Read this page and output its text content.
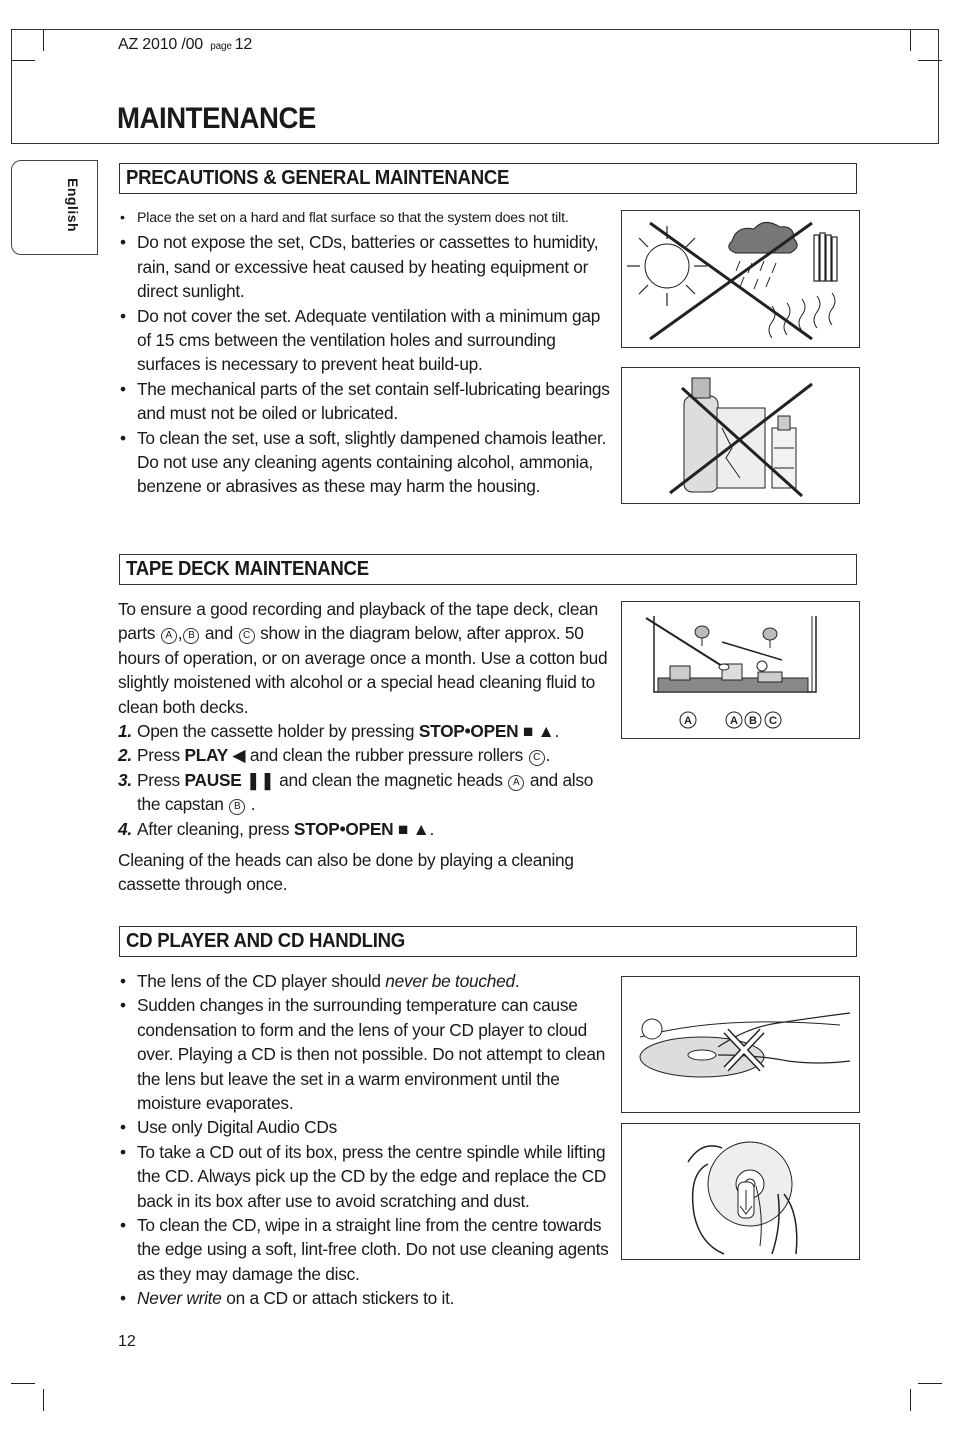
AZ 2010 /00 page 12
MAINTENANCE
English	PRECAUTIONS & GENERAL MAINTENANCE
• Place the set on a hard and flat surface so that the system does not tilt.
• Do not expose the set, CDs, batteries or cassettes to humidity, rain, sand or excessive heat caused by heating equipment or direct sunlight.
• Do not cover the set. Adequate ventilation with a minimum gap of 15 cms between the ventilation holes and surrounding surfaces is necessary to prevent heat build-up.
• The mechanical parts of the set contain self-lubricating bearings and must not be oiled or lubricated.
• To clean the set, use a soft, slightly dampened chamois leather. Do not use any cleaning agents containing alcohol, ammonia, benzene or abrasives as these may harm the housing.
TAPE DECK MAINTENANCE

To ensure a good recording and playback of the tape deck, clean parts A , B and C show in the diagram below, after approx. 50 hours of operation, or on average once a month. Use a cotton bud slightly moistened with alcohol or a special head cleaning fluid to clean both decks.

1. Open the cassette holder by pressing STOP•OPEN ■ ▲.
2. Press PLAY ◀ and clean the rubber pressure rollers C .
3. Press PAUSE ❚❚ and clean the magnetic heads A and also the capstan B .
4. After cleaning, press STOP•OPEN ■ ▲.

Cleaning of the heads can also be done by playing a cleaning cassette through once.

A	A B C
CD PLAYER AND CD HANDLING
• The lens of the CD player should never be touched.
• Sudden changes in the surrounding temperature can cause condensation to form and the lens of your CD player to cloud over. Playing a CD is then not possible. Do not attempt to clean the lens but leave the set in a warm environment until the moisture evaporates.
• Use only Digital Audio CDs
• To take a CD out of its box, press the centre spindle while lifting the CD. Always pick up the CD by the edge and replace the CD back in its box after use to avoid scratching and dust.
• To clean the CD, wipe in a straight line from the centre towards the edge using a soft, lint-free cloth. Do not use cleaning agents as they may damage the disc.
• Never write on a CD or attach stickers to it.
12
